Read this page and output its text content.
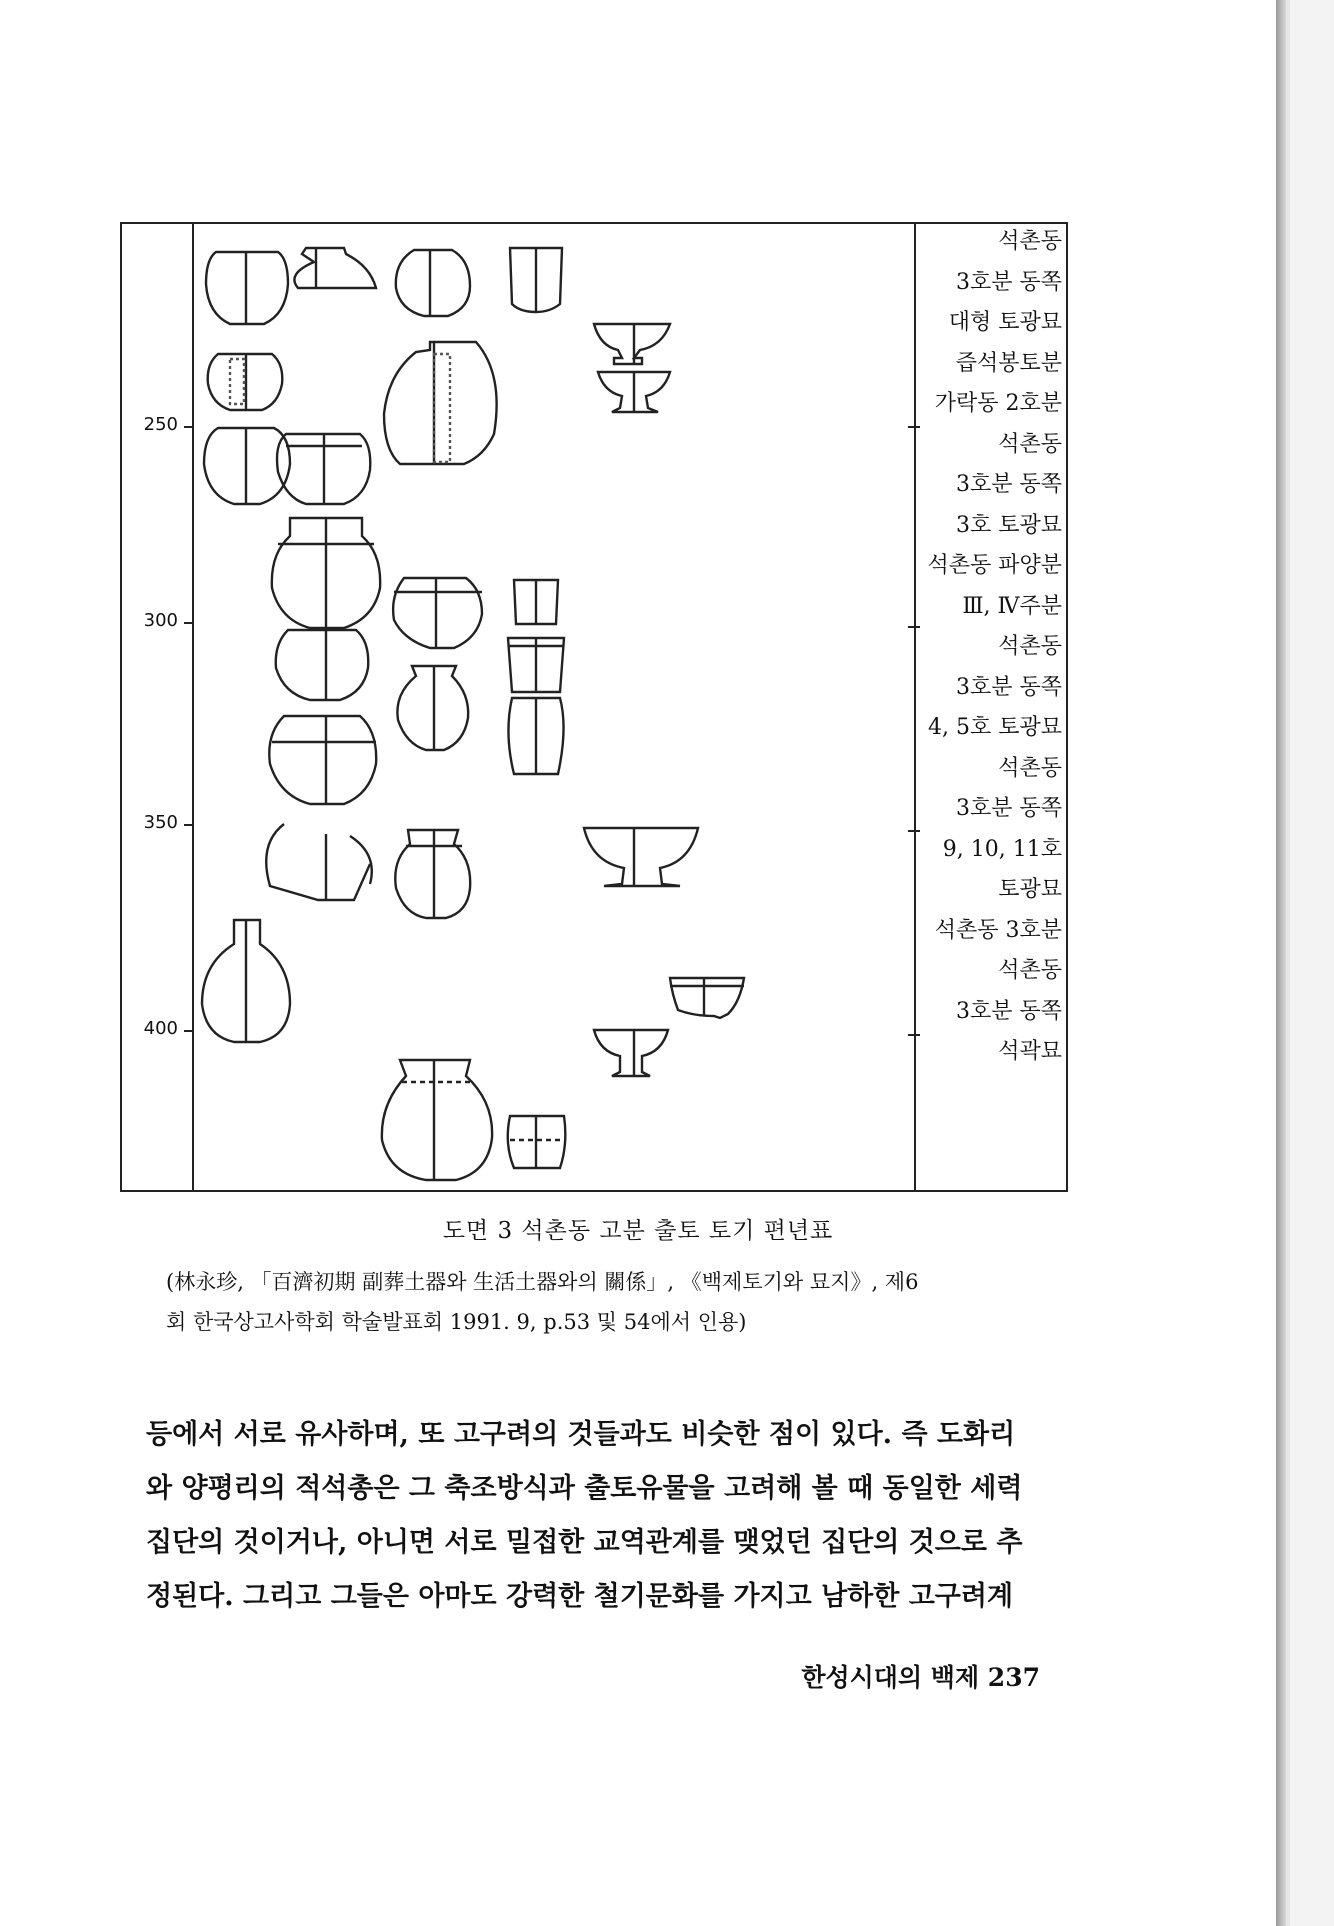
250
300
350
400
석촌동
3호분 동쪽
대형 토광묘
즙석봉토분
가락동 2호분
석촌동
3호분 동쪽
3호 토광묘
석촌동 파양분
Ⅲ, Ⅳ주분
석촌동
3호분 동쪽
4, 5호 토광묘
석촌동
3호분 동쪽
9, 10, 11호
토광묘
석촌동 3호분
석촌동
3호분 동쪽
석곽묘
도면 3 석촌동 고분 출토 토기 편년표
(林永珍, 「百濟初期 副葬土器와 生活土器와의 關係」, 《백제토기와 묘지》, 제6
회 한국상고사학회 학술발표회 1991. 9, p.53 및 54에서 인용)
등에서 서로 유사하며, 또 고구려의 것들과도 비슷한 점이 있다. 즉 도화리
와 양평리의 적석총은 그 축조방식과 출토유물을 고려해 볼 때 동일한 세력
집단의 것이거나, 아니면 서로 밀접한 교역관계를 맺었던 집단의 것으로 추
정된다. 그리고 그들은 아마도 강력한 철기문화를 가지고 남하한 고구려계
한성시대의 백제 237
